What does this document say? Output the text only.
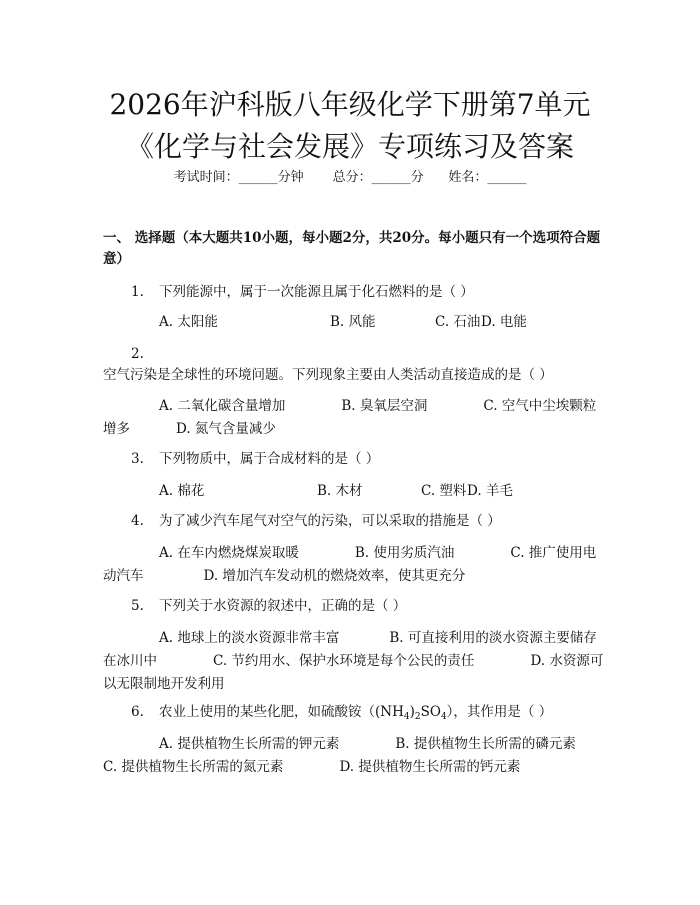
2026年沪科版八年级化学下册第7单元《化学与社会发展》专项练习及答案
考试时间：______分钟 总分：______分 姓名：______
一、 选择题（本大题共10小题，每小题2分，共20分。每小题只有一个选项符合题意）
1. 下列能源中，属于一次能源且属于化石燃料的是（ ）
A. 太阳能	B. 风能	C. 石油D. 电能
2.空气污染是全球性的环境问题。下列现象主要由人类活动直接造成的是（ ）
A. 二氧化碳含量增加	B. 臭氧层空洞	C. 空气中尘埃颗粒增多	D. 氮气含量减少
3. 下列物质中，属于合成材料的是（ ）
A. 棉花	B. 木材	C. 塑料D. 羊毛
4. 为了减少汽车尾气对空气的污染，可以采取的措施是（ ）
A. 在车内燃烧煤炭取暖	B. 使用劣质汽油	C. 推广使用电动汽车	D. 增加汽车发动机的燃烧效率，使其更充分
5. 下列关于水资源的叙述中，正确的是（ ）
A. 地球上的淡水资源非常丰富	B. 可直接利用的淡水资源主要储存在冰川中	C. 节约用水、保护水环境是每个公民的责任	D. 水资源可以无限制地开发利用
6. 农业上使用的某些化肥，如硫酸铵$((NH_4)_2SO_4)$，其作用是（ ）
A. 提供植物生长所需的钾元素	B. 提供植物生长所需的磷元素C. 提供植物生长所需的氮元素	D. 提供植物生长所需的钙元素
